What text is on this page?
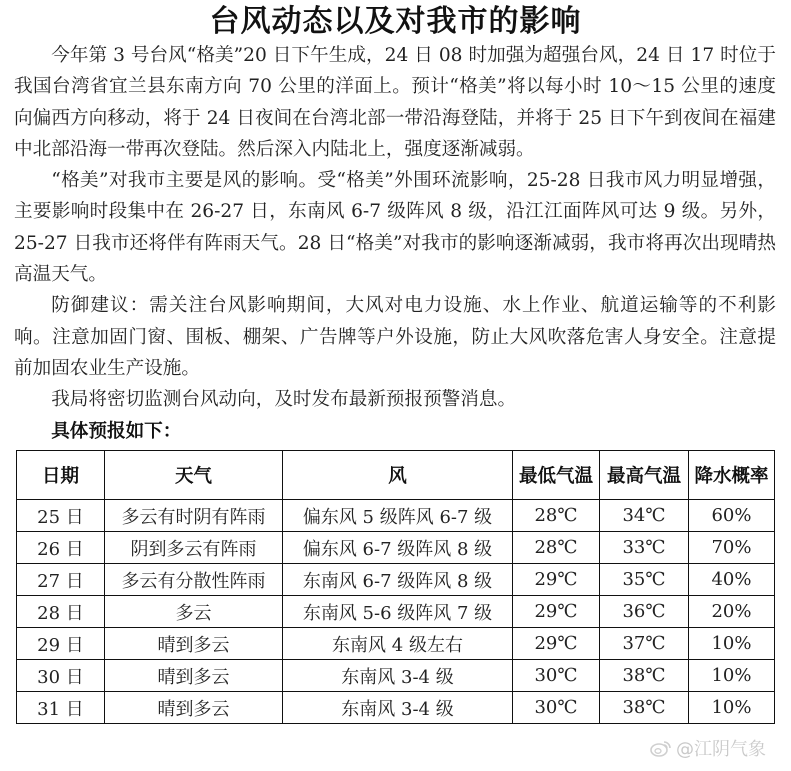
台风动态以及对我市的影响

今年第 3 号台风“格美”20 日下午生成，24 日 08 时加强为超强台风，24 日 17 时位于我国台湾省宜兰县东南方向 70 公里的洋面上。预计“格美”将以每小时 10～15 公里的速度向偏西方向移动，将于 24 日夜间在台湾北部一带沿海登陆，并将于 25 日下午到夜间在福建中北部沿海一带再次登陆。然后深入内陆北上，强度逐渐减弱。

“格美”对我市主要是风的影响。受“格美”外围环流影响，25-28 日我市风力明显增强，主要影响时段集中在 26-27 日，东南风 6-7 级阵风 8 级，沿江江面阵风可达 9 级。另外，25-27 日我市还将伴有阵雨天气。28 日“格美”对我市的影响逐渐减弱，我市将再次出现晴热高温天气。

防御建议：需关注台风影响期间，大风对电力设施、水上作业、航道运输等的不利影响。注意加固门窗、围板、棚架、广告牌等户外设施，防止大风吹落危害人身安全。注意提前加固农业生产设施。

我局将密切监测台风动向，及时发布最新预报预警消息。

具体预报如下：

日期	天气	风	最低气温	最高气温	降水概率
25 日	多云有时阴有阵雨	偏东风 5 级阵风 6-7 级	28℃	34℃	60%
26 日	阴到多云有阵雨	偏东风 6-7 级阵风 8 级	28℃	33℃	70%
27 日	多云有分散性阵雨	东南风 6-7 级阵风 8 级	29℃	35℃	40%
28 日	多云	东南风 5-6 级阵风 7 级	29℃	36℃	20%
29 日	晴到多云	东南风 4 级左右	29℃	37℃	10%
30 日	晴到多云	东南风 3-4 级	30℃	38℃	10%
31 日	晴到多云	东南风 3-4 级	30℃	38℃	10%
@江阴气象
